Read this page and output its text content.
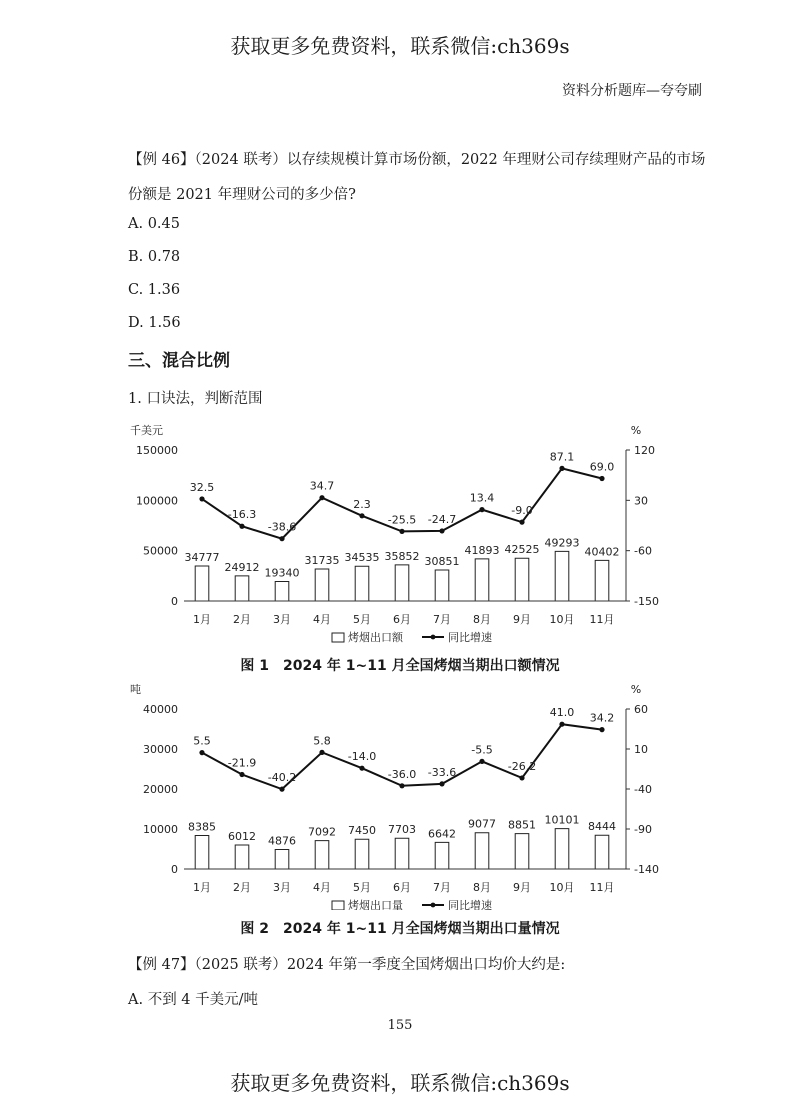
获取更多免费资料，联系微信:ch369s
资料分析题库—夸夸刷
【例 46】（2024 联考）以存续规模计算市场份额，2022 年理财公司存续理财产品的市场
份额是 2021 年理财公司的多少倍?
A. 0.45
B. 0.78
C. 1.36
D. 1.56
三、混合比例
1. 口诀法，判断范围
千美元	%
0
50000
100000
150000
-150
-60
30
120
34777
24912 19340
31735 34535 35852 30851
41893 42525
49293
40402
32.5
-16.3
-38.6
34.7
2.3
-25.5 -24.7
13.4
-9.0
87.1
69.0
1月 2月 3月 4月 5月 6月 7月 8月 9月 10月 11月
烤烟出口额	同比增速
图 1　2024 年 1~11 月全国烤烟当期出口额情况
吨	%
0
10000
20000
30000
40000
-140
-90
-40
10
60
8385
6012 4876
7092 7450 7703 6642
9077 8851 10101
8444
5.5
-21.9
-40.2
5.8
-14.0
-36.0 -33.6
-5.5
-26.2
41.0 34.2
1月 2月 3月 4月 5月 6月 7月 8月 9月 10月 11月
烤烟出口量	同比增速
图 2　2024 年 1~11 月全国烤烟当期出口量情况
【例 47】（2025 联考）2024 年第一季度全国烤烟出口均价大约是:
A. 不到 4 千美元/吨
155
获取更多免费资料，联系微信:ch369s
